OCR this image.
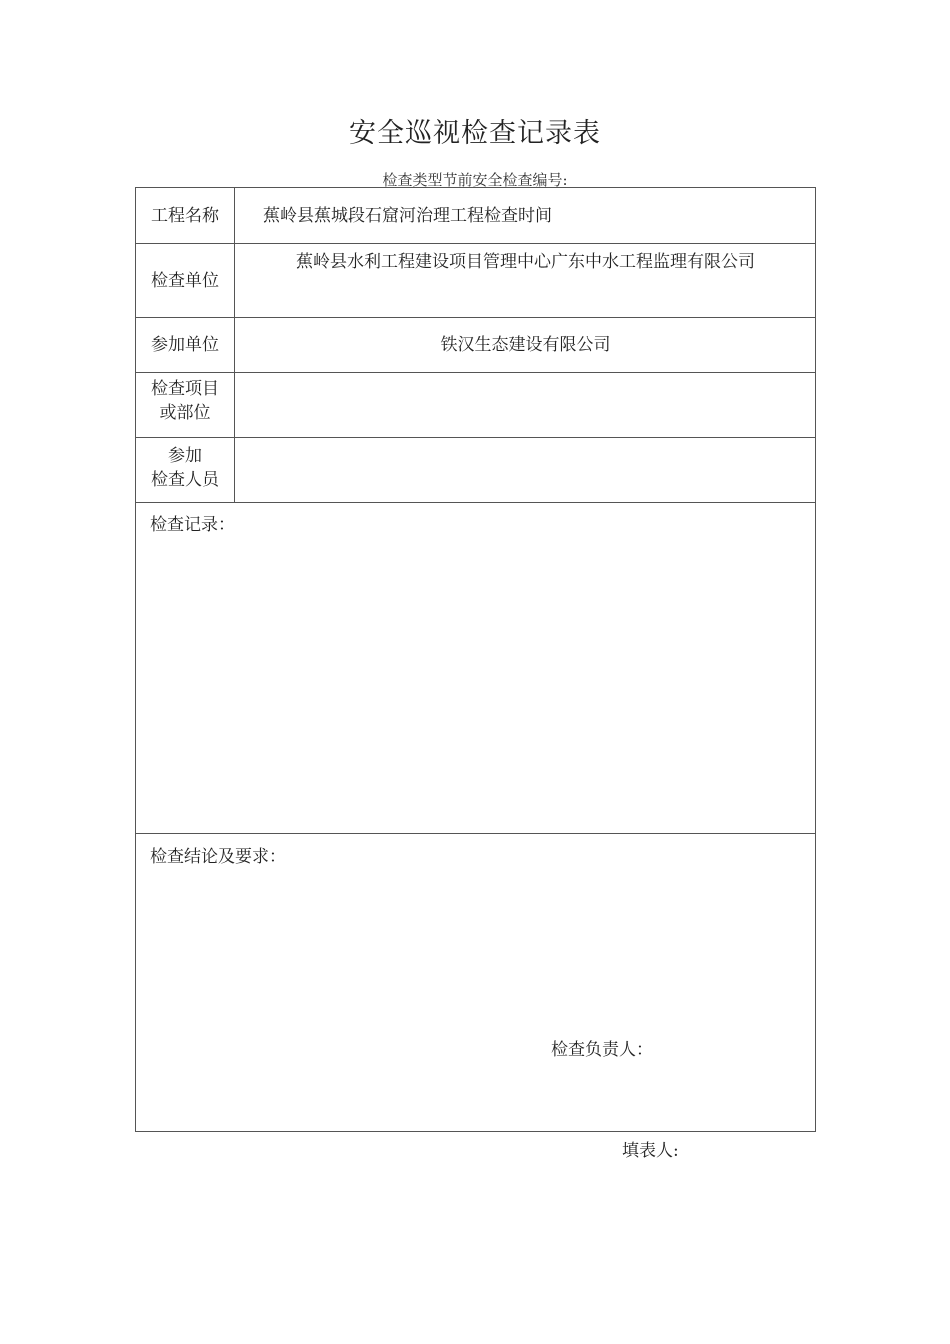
安全巡视检查记录表
检查类型节前安全检查编号:
工程名称	蕉岭县蕉城段石窟河治理工程检查时间
检查单位
蕉岭县水利工程建设项目管理中心广东中水工程监理有限公司
参加单位	铁汉生态建设有限公司
检查项目
或部位
参加
检查人员
检查记录：
检查结论及要求：
检查负责人：
填表人:
